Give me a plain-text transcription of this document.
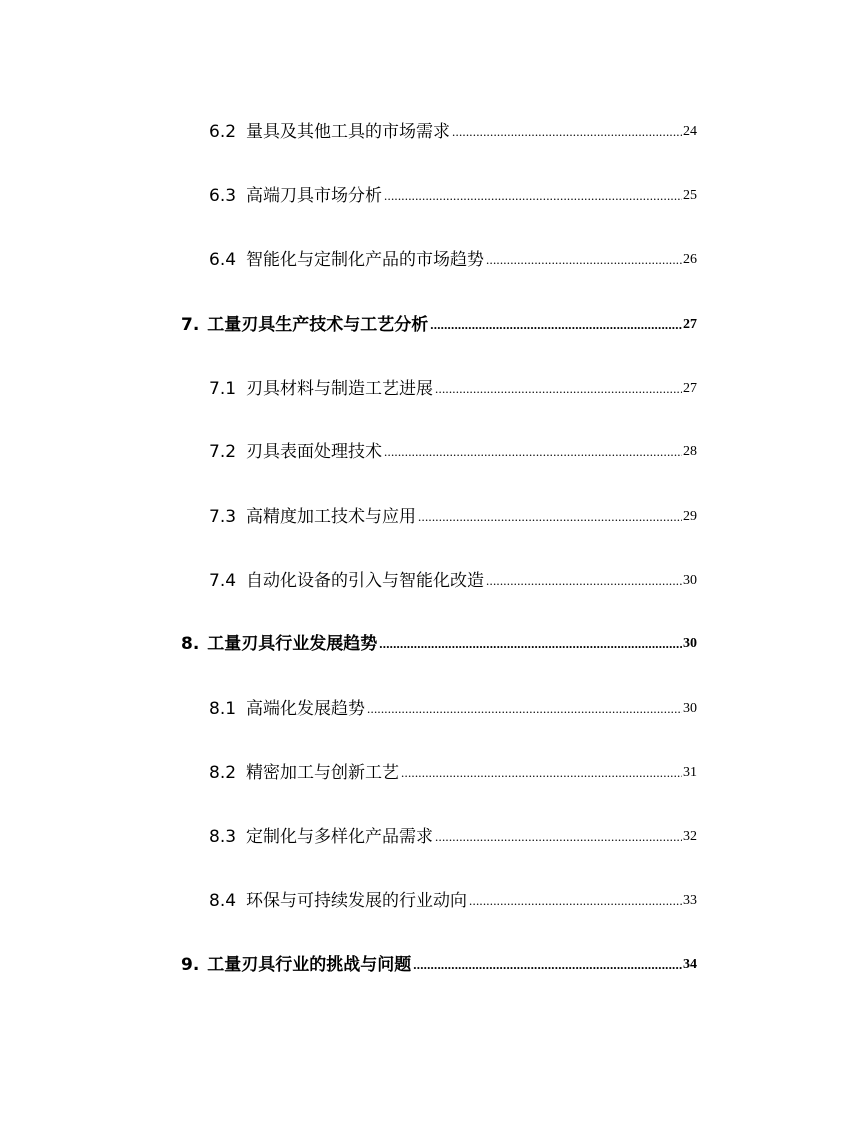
6.2 量具及其他工具的市场需求 .....	24
6.3 高端刀具市场分析 .....	25
6.4 智能化与定制化产品的市场趋势 .....	26
7. 工量刃具生产技术与工艺分析 .....	27
7.1 刃具材料与制造工艺进展 .....	27
7.2 刃具表面处理技术 .....	28
7.3 高精度加工技术与应用 .....	29
7.4 自动化设备的引入与智能化改造 .....	30
8. 工量刃具行业发展趋势 .....	30
8.1 高端化发展趋势 .....	30
8.2 精密加工与创新工艺 .....	31
8.3 定制化与多样化产品需求 .....	32
8.4 环保与可持续发展的行业动向 .....	33
9. 工量刃具行业的挑战与问题 .....	34
